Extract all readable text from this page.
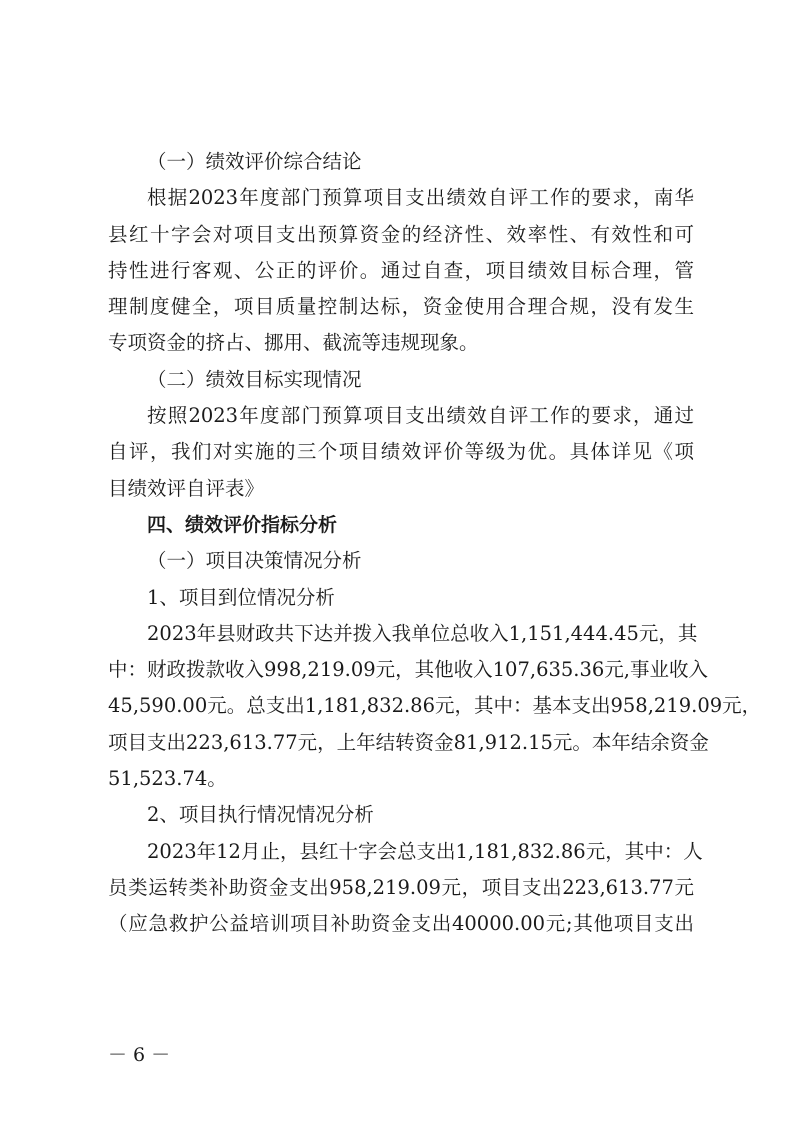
（一）绩效评价综合结论
根据2023年度部门预算项目支出绩效自评工作的要求，南华
县红十字会对项目支出预算资金的经济性、效率性、有效性和可
持性进行客观、公正的评价。通过自查，项目绩效目标合理，管
理制度健全，项目质量控制达标，资金使用合理合规，没有发生
专项资金的挤占、挪用、截流等违规现象。
（二）绩效目标实现情况
按照2023年度部门预算项目支出绩效自评工作的要求，通过
自评，我们对实施的三个项目绩效评价等级为优。具体详见《项
目绩效评自评表》
四、绩效评价指标分析
（一）项目决策情况分析
1、项目到位情况分析
2023年县财政共下达并拨入我单位总收入1,151,444.45元，其
中：财政拨款收入998,219.09元，其他收入107,635.36元,事业收入
45,590.00元。总支出1,181,832.86元，其中：基本支出958,219.09元，
项目支出223,613.77元，上年结转资金81,912.15元。本年结余资金
51,523.74。
2、项目执行情况情况分析
2023年12月止，县红十字会总支出1,181,832.86元，其中：人
员类运转类补助资金支出958,219.09元，项目支出223,613.77元
（应急救护公益培训项目补助资金支出40000.00元;其他项目支出
－ 6 －
